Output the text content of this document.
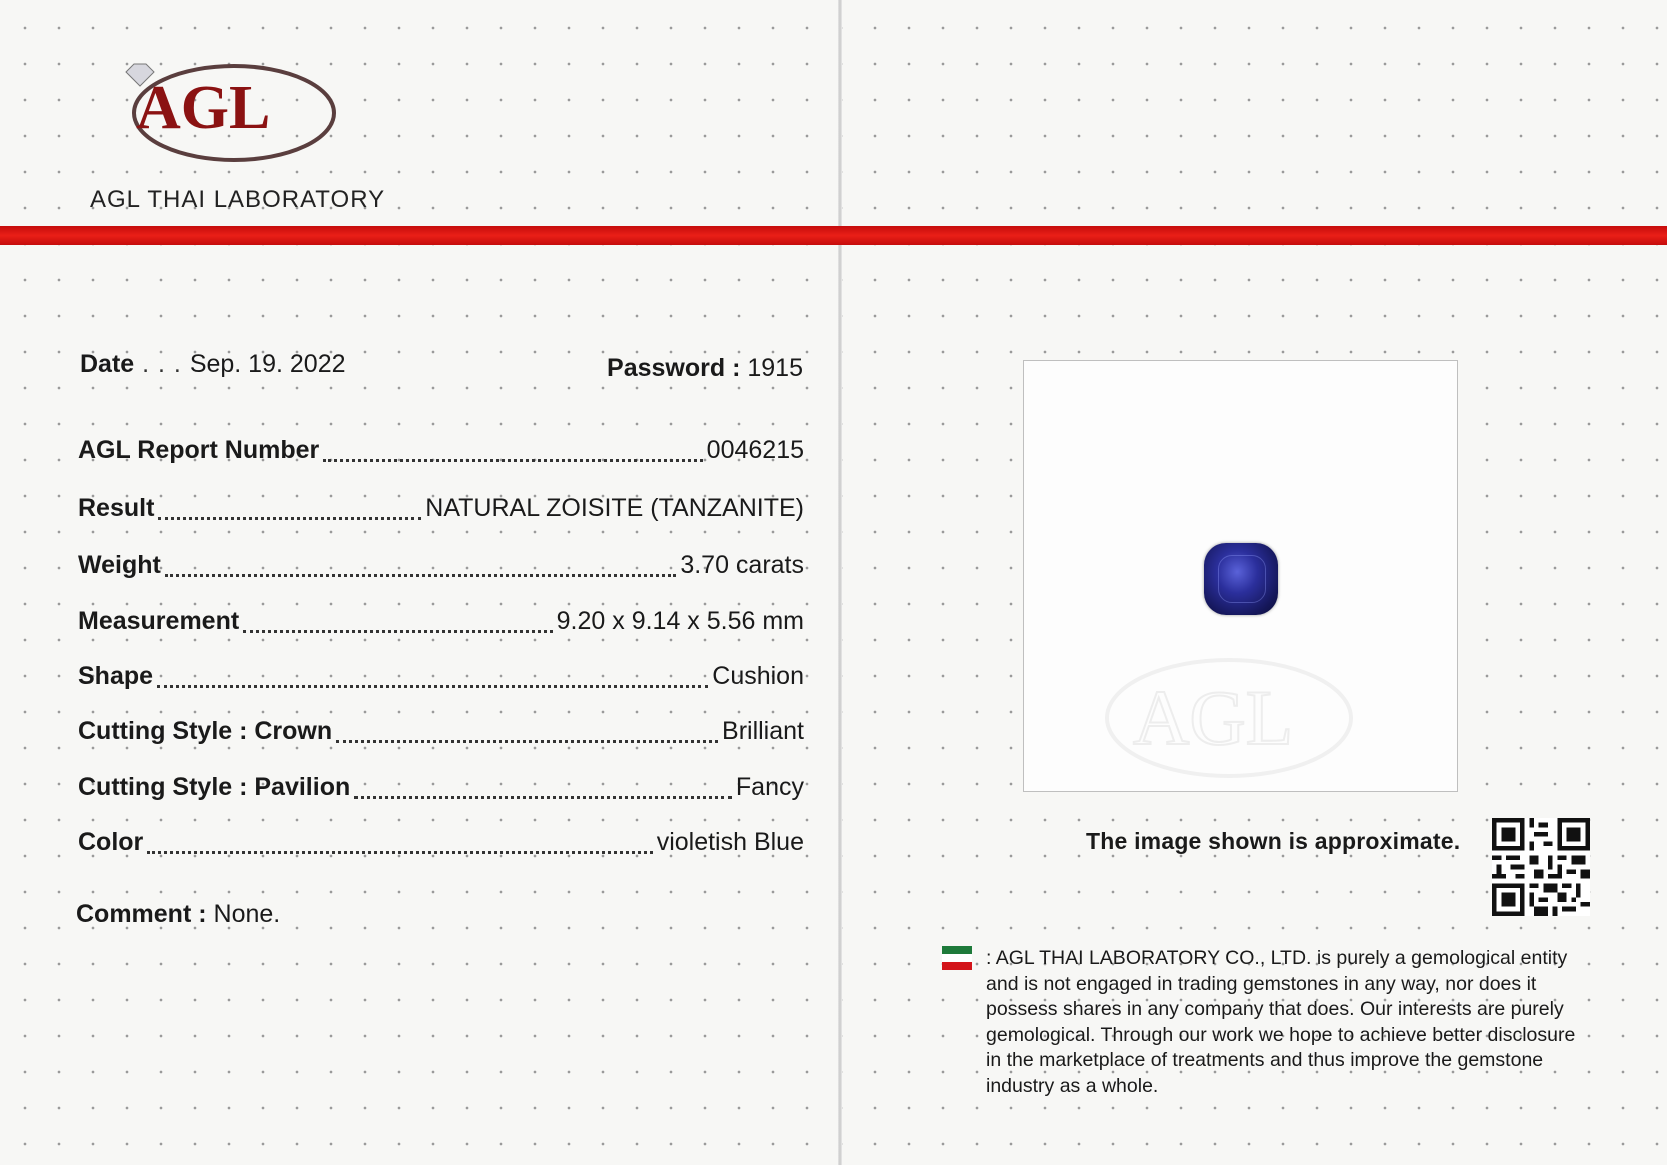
AGL
AGL THAI LABORATORY
Date . . . Sep. 19. 2022	Password : 1915
AGL Report Number	0046215
Result	NATURAL ZOISITE (TANZANITE)
Weight	3.70 carats
Measurement	9.20 x 9.14 x 5.56 mm
Shape	Cushion
Cutting Style : Crown	Brilliant
Cutting Style : Pavilion	Fancy
Color	violetish Blue
Comment : None.
AGL
The image shown is approximate.
: AGL THAI LABORATORY CO., LTD. is purely a gemological entity and is not engaged in trading gemstones in any way, nor does it possess shares in any company that does. Our interests are purely gemological. Through our work we hope to achieve better disclosure in the marketplace of treatments and thus improve the gemstone industry as a whole.
